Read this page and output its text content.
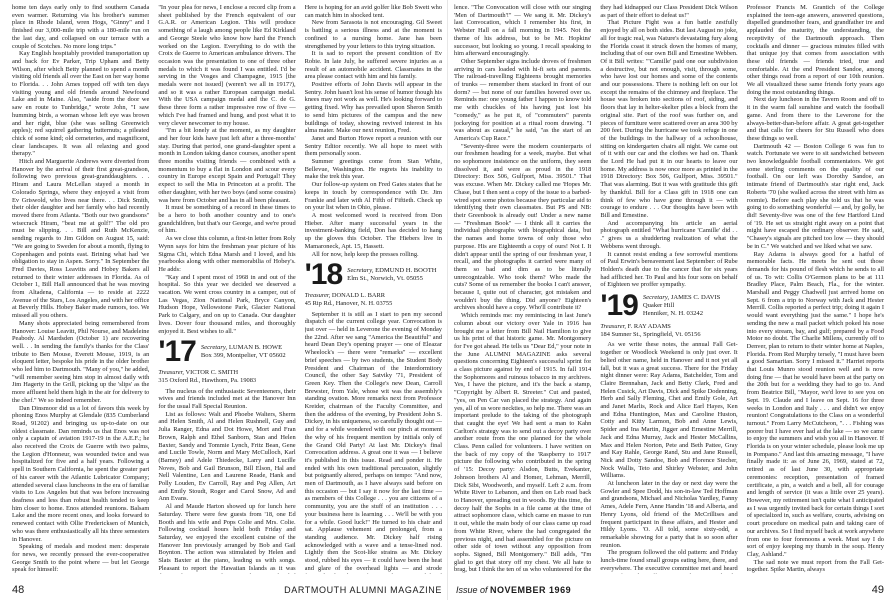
home ten days early only to find southern Canada even warmer. Returning via his brother's summer place in Rhode Island, wren Hogs, "Ginny" and I finished our 3,000-mile trip with a 180-mile run on the last day, and collapsed on our terrace with a couple of Scotches. No more long trips."

Kay English hospitably provided transportation up and back for Ev Parker, Trip Upham and Betty Wilson, after which Betty planned to spend a month visiting old friends all over the East on her way home to Florida. . . John Ames topped off with ten days visiting young and old friends around Newfound Lake and in Maine. Also, "aside from the door we saw en route to Tunbridge," wrote John, "I saw humming birds, a woman whose left eye was brown and her right, blue (she was selling Greenwich apples); red squirrel gathering butternuts; a pileated chick of some kind; old cemeteries, and magnificent, clear landscapes. It was all relaxing and good therapy."

Hitch and Marguerite Andrews were diverted from Hanover by the arrival of their first great-grandson, following two previous great-granddaughters. . . Hiram and Laura McLellan stayed a month in Colorado Springs, where they enjoyed a visit from Ev Griswold, who lives near there. . . Dick Smith, their older daughter and her family who had recently moved there from Atlanta. "Both our two grandsons" wisecrack Hiram, "beat me at golf!" The old pro must be slipping. . . Bill and Ruth McKenzie, sending regards to Jim Gildon on August 15, said: "We are going to Sweden for about a month, flying to Copenhagen and points east. Brining what had 'we obligation to stay in Aspen. Sorry." In September the Fred Davies, Ross Leavitts and Hobey Bakers all returned to their winter addresses in Florida. As of October 1, Bill Hall announced that he was moving from Altadena, California — to reside at 2222 Avenue of the Stars, Los Angeles, and with her office at Beverly Hills. Hobey Baker made rumors, too. We missed all you others.

Many shots appreciated being remembered from Hanover: Louise Leavitt, Phil Nourse, and Madeleine Peabody. Al Mardsden (October 1) are recovering well. . . In sending the family's thanks for the Class' tribute to Ben Mouse, Everett Mouse, 1919, is an eloquent letter, bespoke his pride in the older brother who led him to Dartmouth. "Many of you," he added, "will remember seeing him stop in almost daily with Jim Hagerty in the Grill, picking up the 'slips' as the more affluent held them high in the air for delivery to the chef." We so indeed remember.

Dan Dinsmoor did us a lot of favors this week by phoning Enos Murphy at Glendale (835 Cumberland Road, 91202) and bringing us up-to-date on our oldest classmate. Dan reminds us that Enos was not only a captain of aviation 1917-19 in the A.E.F.; he also received the Croix de Guerre with two palms, the Legion d'Honneur, was wounded twice and was hospitalized for five and a half years. Following a spell in Southern California, he spent the greater part of his career with the Atlantic Lubricator Company; attended several class luncheons in the era of familiar visits to Los Angeles but that was before increasing deafness and less than robust health tended to keep him closer to home. Enos attended reunions. Balsam Lake and the more recent ones, and looks forward to renewed contact with Ollie Fredericksen of Munich, who was there enthusiastically all his three semesters in Hanover.

Speaking of medals and modest men: desperate for news, we recently pressed the ever-cooperative George Smith to the point where — but let George speak for himself:

"In your plea for news, I enclose a record clip from a sheet published by the French equivalent of our G.A.R. or American Legion. This will produce something of a laugh among people like Ed Kirkland and George Steele who know how hard the French worked on the Legion. Everything to do with the Croix de Guerre to American ambulance drivers. The occasion was the presentation to one of three other medals to which it was found I was entitled. I'd be serving in the Vosges and Champagne, 1915 [the medals were not issued] (weren't we all in 1917?), and so it was a rather European campaign medal. With the USA campaign medal and the C. de G. these three form a rather impressive row of five — which I've had framed and hung, and post what it to very clever newcomer to my house.

"I'm a bit lonely at the moment, as my daughter and her four kids have just left after a three-months' stay. During that period, one grand-daughter spent a month in London taking dance courses, another spent three months visiting friends — combined with a momentum to buy a flat in London and scour every country in Europe except Spain and Portugal! They expect to sell the Mia in Princeton at a profit. The other daughter, with her two boys (and some cousins) was here from October and has in all been pleasant.

It must be something of a record in these times to be a hero to both another country and to one's grandchildren, but that's our George, and we're proud of him.

As we close this column, a first-in letter from Roly Wynn says for him the freshman year picture of his Sigma Chi, which Edna Marsh and I loved, and his yearbooks along with other memorabilia of Hobey's. He adds:

"Kay and I spent most of 1968 in and out of the hospital. So this year we decided we deserved a vacation. We went cross country in a camper, out of Las Vegas, Zion National Park, Bryce Canyon, Hudson Hope, Yellowstone Park, Glacier National Park to Calgary, and on up to Canada. Our daughter lives. Dover four thousand miles, and thoroughly enjoyed it. Best wishes to all."

'17 Secretary, LUMAN B. HOWE
Box 399, Montpelier, VT 05602
Treasurer, VICTOR C. SMITH
315 Oxford Rd., Hawthorn, Pa. 19083

The nucleus of the enthusiastic Seventeeners, their wives and friends included met at the Hanover Inn for the usual Fall Special Reunion.

List as follows: Walt and Phoebe Walters, Sherm and Helen Smith, Al and Helen Rushnell, Guy and Julia Ranger, Edna and Dot Howe, Mort and Fran Brown, Ralph and Ethel Sanborn, Stan and Helen Baxter, Sandy and Tommie Lynch, Fritz Bean, Gene and Lucile Towle, Norm and Mary McCulloch, Karl (Barney) and Adele Thiedecke, Larry and Lucille Noves, Bob and Gail Brunson, Bill Elson, Hal and Nell Valentine, Len and Laurene Reade, Hank and Polly Louden, Ev Carroll, Ray and Peg Allen, Art and Emily Stoudt, Roger and Carol Snow, Ad and Ann Evans.

Al and Maude Harton showed up for lunch here Saturday. There were few guests from '18, one Ed Booth and his wife and Pops Colie and Mrs. Colie. Following cocktail hours held both Friday and Saturday, we enjoyed the excellent cuisine of the Hanover Inn previously arranged by Bob and Gail Boynton. The action was stimulated by Helen and Slats Baxter at the piano, leading us with songs. Pleasant to report the Hawaiian Islands as it was

Here is hoping for an avid golfer like Bob Swett who can match him in shocked tent.

New from Sarasota is not encouraging. Gil Sweet is battling a serious illness and at the moment is confined to a nursing home. Jane has been strengthened by your letters to this trying situation.

It is sad to report the present condition of Ev Robie. In late July, he suffered severe injuries as a result of an automobile accident. Classmates in the area please contact with him and his family.

Positive efforts of John Davis will appear in the Sentry. John hasn't lost his sense of humor though his knees may not work as well. He's looking forward to getting fixed. Why has prevailed upon Sheron Smith to send him pictures of the campus and the new buildings of today, showing revived interest in his alma mater. Make our next reunion, Fred.

Janet and Burton Howe report a reunion with our Sentry Editor recently. We all hope to meet with them personally soon.

Summer greetings come from Stan White, Bellevue, Washington. He regrets his inability to make the trek this year.

Our follow-up system on Fred Gates states that he keeps in touch by correspondence with Dr. Jim Frankie and later with Al Fifth of Fiftieth. Check up on your list when in Ohio, please.

A most welcomed word is received from Don Hieber. After many successful years in the investment-banking field, Don has decided to hang up the gloves this October. The Hiebers live in Mamaroneck, Apt. 15, Hassett.

All for now, help keep the presses rolling.

'18 Secretary, EDMUND H. BOOTH
Elm St., Norwich, Vt. 05055
Treasurer, DONALD L. BARR
45 Rip Rd., Hanover, N. H. 03755

September it is still as I start to pen my second dispatch of the current college year. Convocation is just over — held in Leverone the evening of Monday the 22nd. After we sang "America the Beautiful" and heard Dean Dey's opening prayer — one of Eleazar Wheelock's — there were "remarks" — excellent brief speeches — by two students, the Student Body President and Chairman of the Interdormitory Council, the other Say Satviky '71, President of Green Key. Then the College's new Dean, Carroll Brewster, from Yale, whose wit was the assembly's standing ovation. More remarks next from Professor Kreider, chairman of the Faculty Committee, and then the address of the evening, by President John S. Dickey, in his uniqueness, so carefully thought out — and for a while wondered with our pinch at moment the why of his frequent mention by initials only of the Grand Old Party! At last Mr. Dickey's final Convocation address. A great one it was — I believe it's published in this issue. Read and ponder it. He ended with his own traditional percussion, slightly but poignantly altered, perhaps on tempo: "And now, men of Dartmouth, as I have always said before on this occasion — but I say it now for the last time — as members of this College . . . you are citizens of a community, you are the stuff of an institution . . . your business here is learning . . . We'll be with you for a while. Good luck!" He turned to his chair and sat. Applause vehement and prolonged, from a standing audience. Mr. Dickey half rising acknowledged with a wave and a tense-lined nod. Lightly then the Scot-like strains as Mr. Dickey stood, rubbed his eyes — it could have been the heat and glare of the overhead lights — and strode

48	DARTMOUTH ALUMNI MAGAZINE

lence. "The Convocation will close with our singing 'Men of Dartmouth'!" — We sang it. Mr. Dickey's last Convocation, which I remember his first, in Webster Hall on a fall morning in 1945. Not the theme of his address, but to be Mr. Hopkins' successor, but looking so young. I recall speaking to him afterward encouragingly.

Other September signs include droves of freshmen arriving in cars loaded with hi-fi sets and parents. The railroad-travelling Eighteens brought memories of trunks — remember them stacked in front of our dorm? — but none of our families hovered over us. Reminds me: one young father I happen to know told me with chuckles of his having just lost his "comedy," as he put it, of "commuters" parents jockeying for position at a ritual room drawing. "I was about as casual," he said, "as the start of an America's Cup Race."

"Seventy-three were the modern counterparts of our freshmen heading for a week, maybe. But what no sophomore insistence on the uniform, they seem dissolved it, and were as proud in the 1918 Directory: Box 506, Gulfport, Miss. 39501." That was excuse. When Mr. Dickey called me 'Hopes Mr. Chase, but I then sent a copy of the issue to a barbed-wired spot some photos because they particular aid to identifying their own classmates. But PS and NB: their Greenbook is already out! Under a new name — "Freshman Book" — I think all it carries the individual photographs with biographical data, but the names and home towns of only those who purpose. His are Eighteenth a copy of ours! Not I. It didn't appear until the spring of our freshman year, I recall, and the photographs it carried were many of them so bad and dim as to be literally unrecognizable. Who took them? Who made the cuts? Some of us remember the books I can't answer, because I, quite out of character, got mistaken and wouldn't buy the thing. Did anyone? Eighteen's archives should have a copy. Who'll contribute it?

Which reminds me: my reminiscing in last June's column about our victory over Yale in 1916 has brought me a letter from Bill Nail Hamilton to give us his print of that historic game. Mr. Montgomery for I've got ahead. He tells us "Dear Ed," your note in the June ALUMNI MAGAZINE asks several questions concerning Eighteen's successful sprint for a class picture against by end of 1915. In fall 1914 the Sophomores and ruinous tobacco in my archives. Yes, I have the picture, and it's the back a stamp, "Copyright by Albert R. Streeter." Cut and pasted, "yes, on Pen Car van placed the strategy. And again yes, all of us wore neckties, so help me. There was an important prelude to the taking of the photograph that caught the eye! We had sent a man to Kahn Carlton's strategy was to send out a decoy party over another route from the one planned for the whole Class. Penn called for volunteers. I have written on the back of my copy of the 'Raspberry to 1917' picture the following who contributed in the spring of '15: Decoy party: Alsdon, Butts, Evekanter, Johnson brothers Al and Homer, Lehman, Merrill, Dick Sibi, Woodworth, and myself. Left 2 a.m. from White River to Lebanon, and then on Leb road back to Hanover, spreading out in woods. By this time, the decoy half the Sophs in a file came at the time of attract sophomore class, which came en masse to run it out, while the main body of our class came up road from White River, where the had congregated the previous night, and had assembled for the picture on other side of town without any opposition from sophs. Signed, Bill Montgomery." Bill adds, "I'm glad to get that story off my chest. We all hate to brag, but I think the ten of us who volunteered for the

they had kidnapped our Class President Dick Wilson as part of their effort to defeat us!"

That Picture Fight was a fun battle zestfully enjoyed by all on both sides. But last August no joke, all for tragic real, was Nature's devastating fury along the Florida coast it struck down the homes of many, including that of our own Bill and Ernestine Webben. Of it Bill writes: "'Camille' paid one our subdivision a destructive, but not enough, visit, through some, who have lost our homes and some of the contents and our possessions. There is nothing left on our lot except the remains of the chimney and fireplace. The house was broken into sections of roof, siding, and floors that lay in helter-skelter piles a block from the original site. Part of the roof was further on, and pieces of furniture were scattered over an area 300 by 200 feet. During the hurricane we took refuge in one of the buildings in the hallway of a schoolhouse, sitting on kindergarten chairs all night. We came out of it with our car and the clothes we had on. Thank the Lord He had put it in our hearts to leave our home. My address is now once more as printed in the 1918 Directory: Box 506, Gulfport, Miss. 39501." That was alarming. But it was with gratitude this gift by thankful. Bill for a Class gift in 1918 one can think of few who have gone through it — with courage to endure . . . Our thoughts have been with Bill and Ernestine.

And accompanying his article an aerial photograph entitled "What hurricane 'Camille' did . . ." gives us a shuddering realization of what the Webbens went through.

It cannot resist ending a few sorrowful mentions of Paul Erwin's bereavement last September: of Rube Holden's death due to the cancer that for six years had afflicted her. To Paul and his four sons on behalf of Eighteen we proffer sympathy.

'19 Secretary, JAMES C. DAVIS
Quaker Hill
Henniker, N. H. 03242
Treasurer, F. RAY ADAMS
184 Sumner St., Springfield, Vt. 05156

As we write these notes, the annual Fall Get-together or Woodlock Weekend is only just over. It belied other name, held in Hanover and it not yet all fall, but it was a great success. There for the Friday night dinner were: Ray Adams, Batchelder, Tom and Claire Brennahan, Jack and Betty Clark, Fred and Helen Cusick, Art Davis, Dick and Spike Dodenning, Herb and Sally Fleming, Chet and Emily Gole, Art and Janet Marlis, Rock and Alice Earl Hayes, Ken and Edna Huntington, Max and Caroline Huston, Cotty and Kitty Larmon, Bob and Anne Lewis, Spider and Ina Martin, Jigger and Ernestine Merrill, Jack and Edna Murray, Jack and Hester McCallins, Max and Helen Norton, Pete and Beth Pattee, Gray and Kay Rahle, George Rand, Stu and Jane Russell, Nick and Dotty Sandoe, Bob and Florence Stecher, Nock Wallis, Teto and Shirley Webster, and John Williams.

At luncheon later in the day or next day were the Gowler and Spee Dodd, his son-in-law Ted Hoffman and grandsons, Michael and Nicholas Yardley, Fanny Ames, Adele Fern, Anne Handin '18 and Alberta, and Henry Lyons, old friend of the McCrillises and frequent participant in these affairs, and Hester and Hildy Lyons. 'O. All told, some sixty-odd, a remarkable showing for a party that is so soon after reunion.

The program followed the old pattern: and Friday lunch-time found small groups eating here, there, and everywhere. The executive committee met and heard

Professor Francis M. Grantich of the College explained the teen-age answers, answered questions, dispelled grandmother fears, and grandfather ire and applauded the maturity, the understanding, the receptivity of the Dartmouth approach. Then cocktails and dinner — gracious minutes filled with that unique joy that comes from association with these old friends — friends tried, true and comfortable. At the end President Sandoe, among other things read from a report of our 10th reunion. We all visualized these same friends forty years ago doing the most outstanding things.

Next day luncheon in the Tavern Room and off to it in the warm fall sunshine and watch the football game. And from there to the Leverone for the always-better-than-before affair. A great get-together and that calls for cheers for Stu Russell who does these things so well.

Dartmouth 42 — Boston College 6 was fun to watch. Fortunate we were to sit sandwiched between two knowledgeable football commentators. We got some sterling comments on the quality of our football. On our left was Dorothy Sandoe, an intimate friend of Dartmouth's star right end, Jack Roberts '70 (she walked across the street with him as roomie). Before each play she told us that he was going to do something wonderful — and, by golly, he did! Seventy-five was one of the few Hartford Lind of '19. He set us straight right away on a point that might have escaped the ordinary observer. He said, "Chasey's signals are pitched too low — they should be in C." We watched and we liked what we saw.

Ray Adams is always good for a hatful of memorable facts. He meets he sent out those demands for his pound of flesh which he sends to all of us. To wit: Collis O'Germon plans to be at 111 Bradley Place, Palm Beach, Fla., for the winter. Marshall and Peggy Chadwell just arrived home on Sept. 6 from a trip to Norway with Jack and Hester Merrill. Collis reported a perfect trip; doing it again I would want everything just the same." I hope he's sending the new a mail packet which poked his nose into every stream, bay, and gulf; prepared by a Food Motor no doubt. The Charlie Millens, currently off to Denver, plan to return to their winter home at Naples, Florida. From Red Murphy tersely, "I must have been a good Samaritan. Sorry I missed it." Harriet reports that Louis Munro stood reunion well and is now doing fine — that he would have been at the party on the 20th but for a wedding they had to go to. And from Beatrice Bill, "Mayor, we'd love to see you on Sept. 19. Claude and I leave on Sept. 16 for three weeks in London and Italy . . . and didn't we enjoy reunion! Congratulations to the Class on a wonderful turnout." From Larry McCutcheon, ". . . Fishing was poorer but I have ever had at the lake — so we came to enjoy the summers and wish you all in Hanover. If Florida is on your winter schedule, please look me up in Pompano." And last this amazing message, "I have finally made it: as of June 26, 1969, stated at 72, retired as of last June 30, with appropriate ceremonies: reception, presentation of framed certificate, a pin, a watch and a bell, all for courage and length of service (it was a little over 25 years). However, my retirement isn't quite what I anticipated as I was urgently invited back for certain things I sort of specialized in, such as welfare, courts, advising on court procedure on medical pain and taking care of our archives. So I find myself back at work anywhere from one to four forenoons a week. Must say I do sort of enjoy keeping my thumb in the soup. Henry Clay, Ashland."

The sad note we must report from the Fall Get-together. Spike Martin, always

Issue of NOVEMBER 1969	49
